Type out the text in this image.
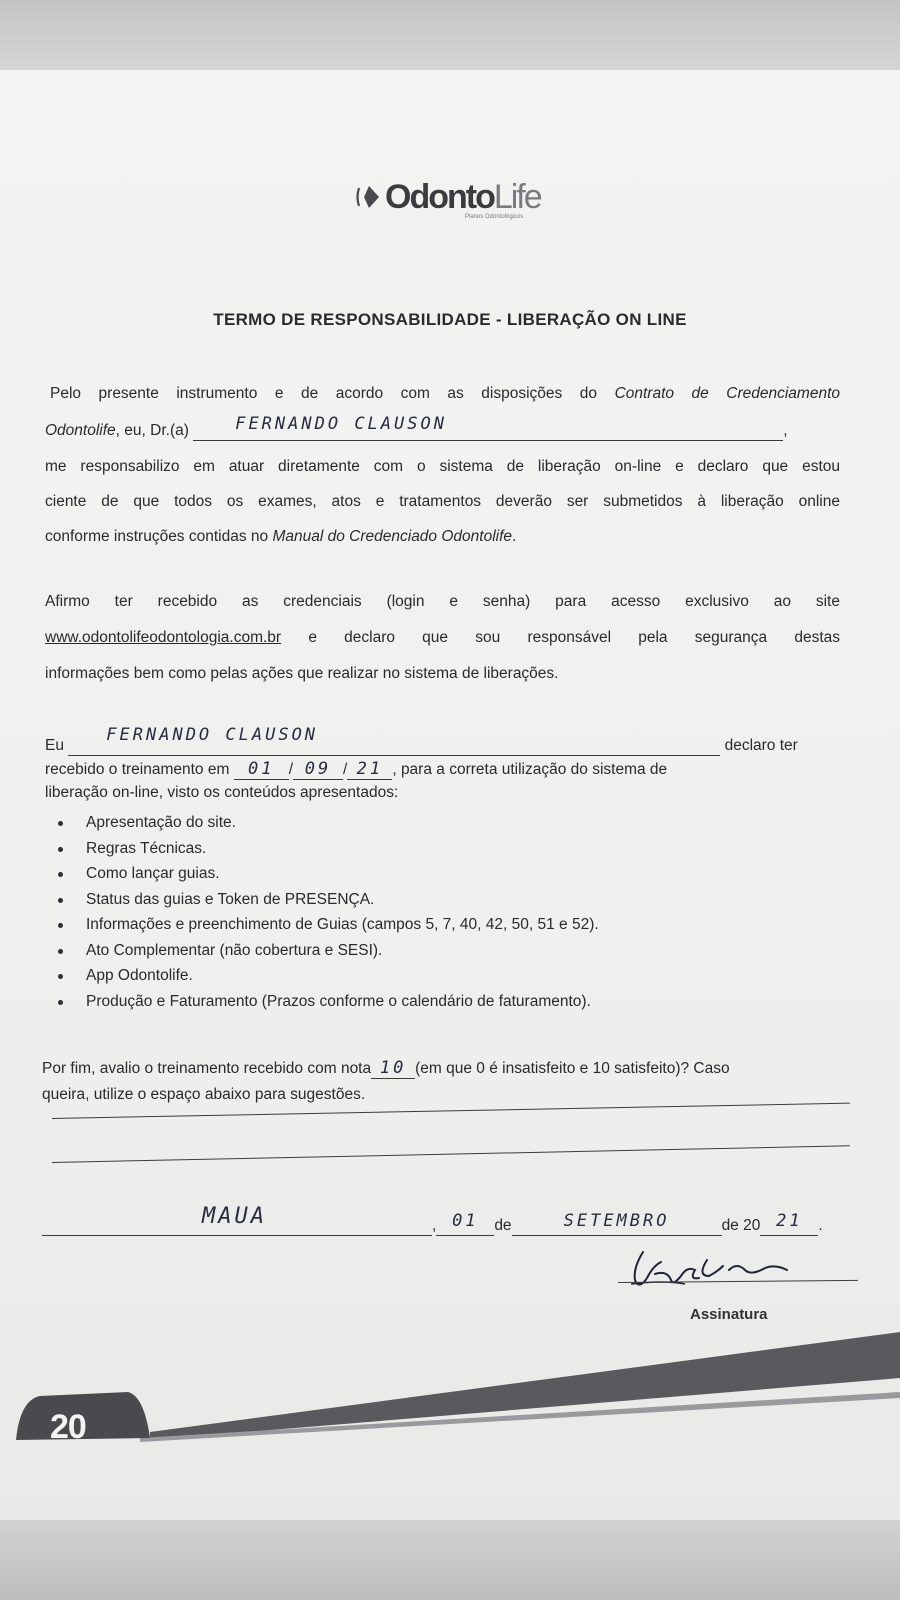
OdontoLife
Planos Odontológicos
TERMO DE RESPONSABILIDADE - LIBERAÇÃO ON LINE
Pelo presente instrumento e de acordo com as disposições do Contrato de Credenciamento
Odontolife, eu, Dr.(a)	FERNANDO CLAUSON	,
me responsabilizo em atuar diretamente com o sistema de liberação on-line e declaro que estou
ciente de que todos os exames, atos e tratamentos deverão ser submetidos à liberação online
conforme instruções contidas no Manual do Credenciado Odontolife.
Afirmo ter recebido as credenciais (login e senha) para acesso exclusivo ao site
www.odontolifeodontologia.com.br e declaro que sou responsável pela segurança destas
informações bem como pelas ações que realizar no sistema de liberações.
Eu
FERNANDO CLAUSON
declaro ter
recebido o treinamento em 01 / 09 / 21 , para a correta utilização do sistema de
liberação on-line, visto os conteúdos apresentados:
Apresentação do site.
Regras Técnicas.
Como lançar guias.
Status das guias e Token de PRESENÇA.
Informações e preenchimento de Guias (campos 5, 7, 40, 42, 50, 51 e 52).
Ato Complementar (não cobertura e SESI).
App Odontolife.
Produção e Faturamento (Prazos conforme o calendário de faturamento).
Por fim, avalio o treinamento recebido com nota 10 (em que 0 é insatisfeito e 10 satisfeito)? Caso
queira, utilize o espaço abaixo para sugestões.
MAUA	, 01 de	SETEMBRO	de 20 21 .
Assinatura
20
